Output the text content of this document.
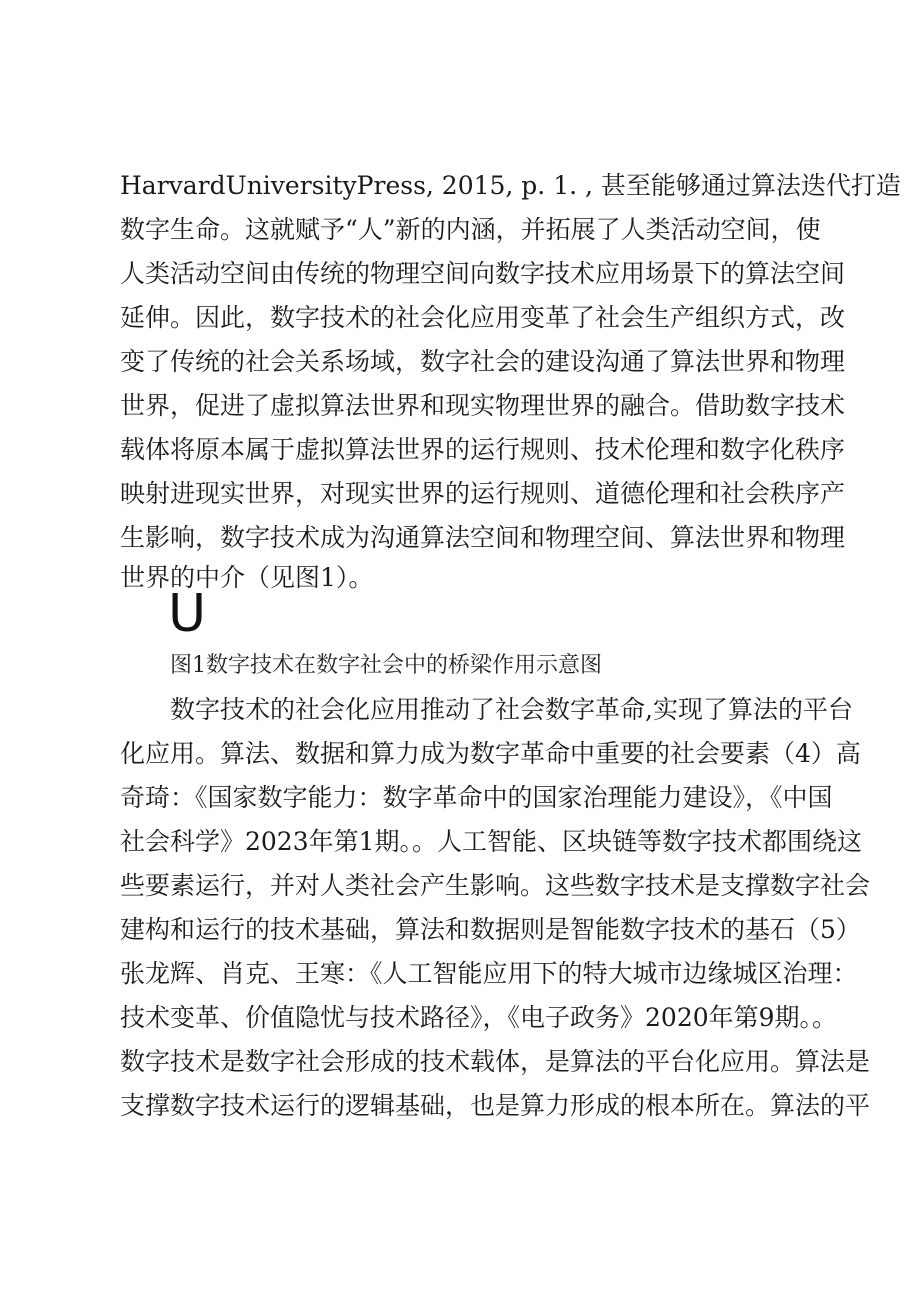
HarvardUniversityPress, 2015, p. 1. , 甚至能够通过算法迭代打造
数字生命。这就赋予“人”新的内涵，并拓展了人类活动空间，使
人类活动空间由传统的物理空间向数字技术应用场景下的算法空间
延伸。因此，数字技术的社会化应用变革了社会生产组织方式，改
变了传统的社会关系场域，数字社会的建设沟通了算法世界和物理
世界，促进了虚拟算法世界和现实物理世界的融合。借助数字技术
载体将原本属于虚拟算法世界的运行规则、技术伦理和数字化秩序
映射进现实世界，对现实世界的运行规则、道德伦理和社会秩序产
生影响，数字技术成为沟通算法空间和物理空间、算法世界和物理
世界的中介（见图1）。
U
图1数字技术在数字社会中的桥梁作用示意图
数字技术的社会化应用推动了社会数字革命,实现了算法的平台
化应用。算法、数据和算力成为数字革命中重要的社会要素（4）高
奇琦：《国家数字能力：数字革命中的国家治理能力建设》，《中国
社会科学》2023年第1期。。人工智能、区块链等数字技术都围绕这
些要素运行，并对人类社会产生影响。这些数字技术是支撑数字社会
建构和运行的技术基础，算法和数据则是智能数字技术的基石（5）
张龙辉、肖克、王寒：《人工智能应用下的特大城市边缘城区治理：
技术变革、价值隐忧与技术路径》，《电子政务》2020年第9期。。
数字技术是数字社会形成的技术载体，是算法的平台化应用。算法是
支撑数字技术运行的逻辑基础，也是算力形成的根本所在。算法的平
